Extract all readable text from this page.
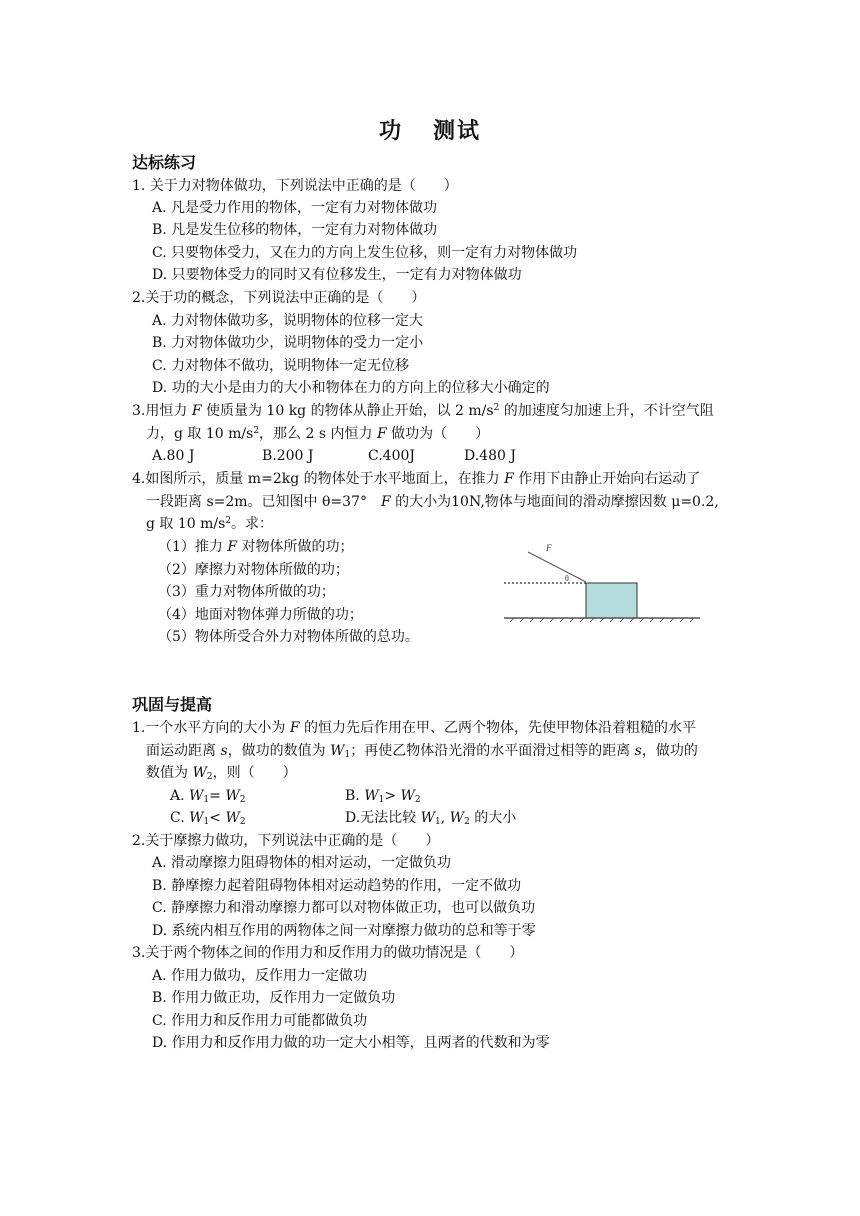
功 测试
达标练习
1. 关于力对物体做功，下列说法中正确的是（　　）
A. 凡是受力作用的物体，一定有力对物体做功
B. 凡是发生位移的物体，一定有力对物体做功
C. 只要物体受力，又在力的方向上发生位移，则一定有力对物体做功
D. 只要物体受力的同时又有位移发生，一定有力对物体做功
2.关于功的概念，下列说法中正确的是（　　）
A. 力对物体做功多，说明物体的位移一定大
B. 力对物体做功少，说明物体的受力一定小
C. 力对物体不做功，说明物体一定无位移
D. 功的大小是由力的大小和物体在力的方向上的位移大小确定的
3.用恒力 F 使质量为 10 kg 的物体从静止开始，以 2 $m/s^2$ 的加速度匀加速上升，不计空气阻
力，g 取 10 $m/s^2$，那么 2 s 内恒力 F 做功为（　　）
A.80 J	B.200 J	C.400J	D.480 J
4.如图所示，质量 m=2kg 的物体处于水平地面上，在推力 F 作用下由静止开始向右运动了
一段距离 s=2m。已知图中 θ=37°　F 的大小为10N,物体与地面间的滑动摩擦因数 μ=0.2,
g 取 10 $m/s^2$。求：
（1）推力 F 对物体所做的功；
（2）摩擦力对物体所做的功；
（3）重力对物体所做的功；
（4）地面对物体弹力所做的功；
（5）物体所受合外力对物体所做的总功。
F
θ
巩固与提高
1.一个水平方向的大小为 F 的恒力先后作用在甲、乙两个物体，先使甲物体沿着粗糙的水平
面运动距离 s，做功的数值为 $W_1$；再使乙物体沿光滑的水平面滑过相等的距离 s，做功的
数值为 $W_2$，则（　　）
A. $W_1= W_2$	B. $W_1> W_2$
C. $W_1< W_2$	D.无法比较 $W_1$, $W_2$ 的大小
2.关于摩擦力做功，下列说法中正确的是（　　）
A. 滑动摩擦力阻碍物体的相对运动，一定做负功
B. 静摩擦力起着阻碍物体相对运动趋势的作用，一定不做功
C. 静摩擦力和滑动摩擦力都可以对物体做正功，也可以做负功
D. 系统内相互作用的两物体之间一对摩擦力做功的总和等于零
3.关于两个物体之间的作用力和反作用力的做功情况是（　　）
A. 作用力做功，反作用力一定做功
B. 作用力做正功，反作用力一定做负功
C. 作用力和反作用力可能都做负功
D. 作用力和反作用力做的功一定大小相等，且两者的代数和为零
